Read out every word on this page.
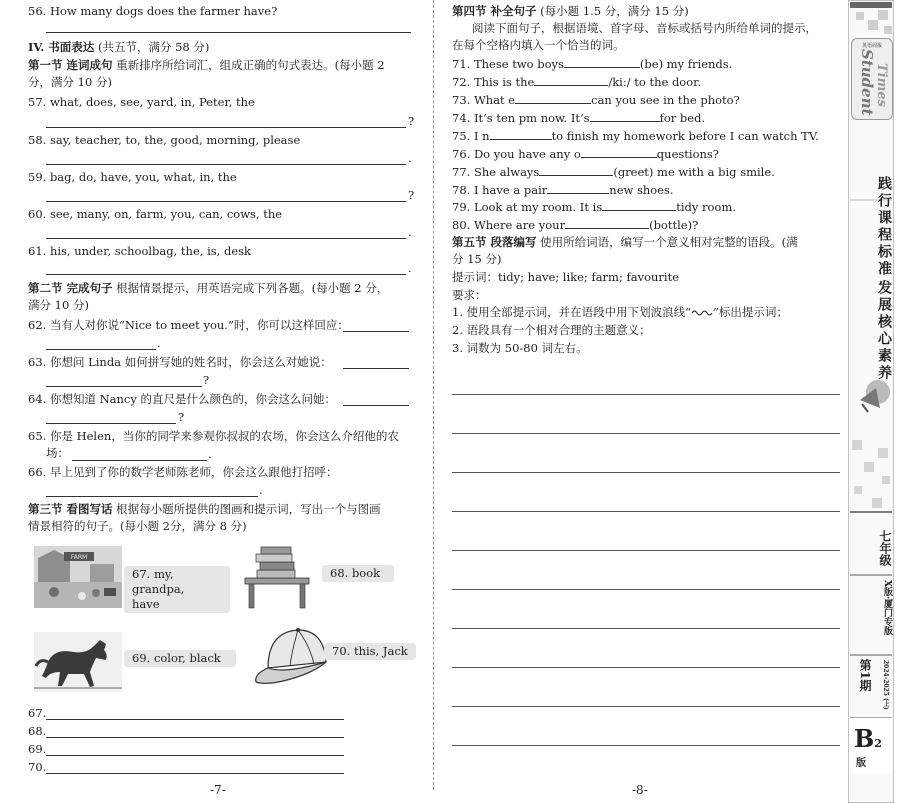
56. How many dogs does the farmer have?
IV. 书面表达 (共五节，满分 58 分)
第一节 连词成句 重新排序所给词汇，组成正确的句式表达。(每小题 2
分，满分 10 分)
57. what, does, see, yard, in, Peter, the
?
58. say, teacher, to, the, good, morning, please
.
59. bag, do, have, you, what, in, the
?
60. see, many, on, farm, you, can, cows, the
.
61. his, under, schoolbag, the, is, desk
.
第二节 完成句子 根据情景提示，用英语完成下列各题。(每小题 2 分，
满分 10 分)
62. 当有人对你说“Nice to meet you.”时，你可以这样回应：
.
63. 你想问 Linda 如何拼写她的姓名时，你会这么对她说：
?
64. 你想知道 Nancy 的直尺是什么颜色的，你会这么问她：
?
65. 你是 Helen，当你的同学来参观你叔叔的农场，你会这么介绍他的农
场：	.
66. 早上见到了你的数学老师陈老师，你会这么跟他打招呼：
.
第三节 看图写话 根据每小题所提供的图画和提示词，写出一个与图画
情景相符的句子。(每小题 2分，满分 8 分)
FARM
67. my, grandpa,
have
68. book
69. color, black	70. this, Jack
67.
68.
69.
70.
-7-	-8-
第四节 补全句子 (每小题 1.5 分，满分 15 分)
阅读下面句子，根据语境、首字母、音标或括号内所给单词的提示，
在每个空格内填入一个恰当的词。
71. These two boys	(be) my friends.
72. This is the	/kiː/ to the door.
73. What e	can you see in the photo?
74. It’s ten pm now. It’s	for bed.
75. I n	to finish my homework before I can watch TV.
76. Do you have any o	questions?
77. She always	(greet) me with a big smile.
78. I have a pair	new shoes.
79. Look at my room. It is	tidy room.
80. Where are your	(bottle)?
第五节 段落编写 使用所给词语，编写一个意义相对完整的语段。(满
分 15 分)
提示词：tidy; have; like; farm; favourite
要求：
1. 使用全部提示词，并在语段中用下划波浪线“ ”标出提示词；
2. 语段具有一个相对合理的主题意义；
3. 词数为 50-80 词左右。
英语周报
Student
Times
践行课程标准
发展核心素养
七年级
X版·厦门专版
第1期	2024-2025 (上)
B2
版
